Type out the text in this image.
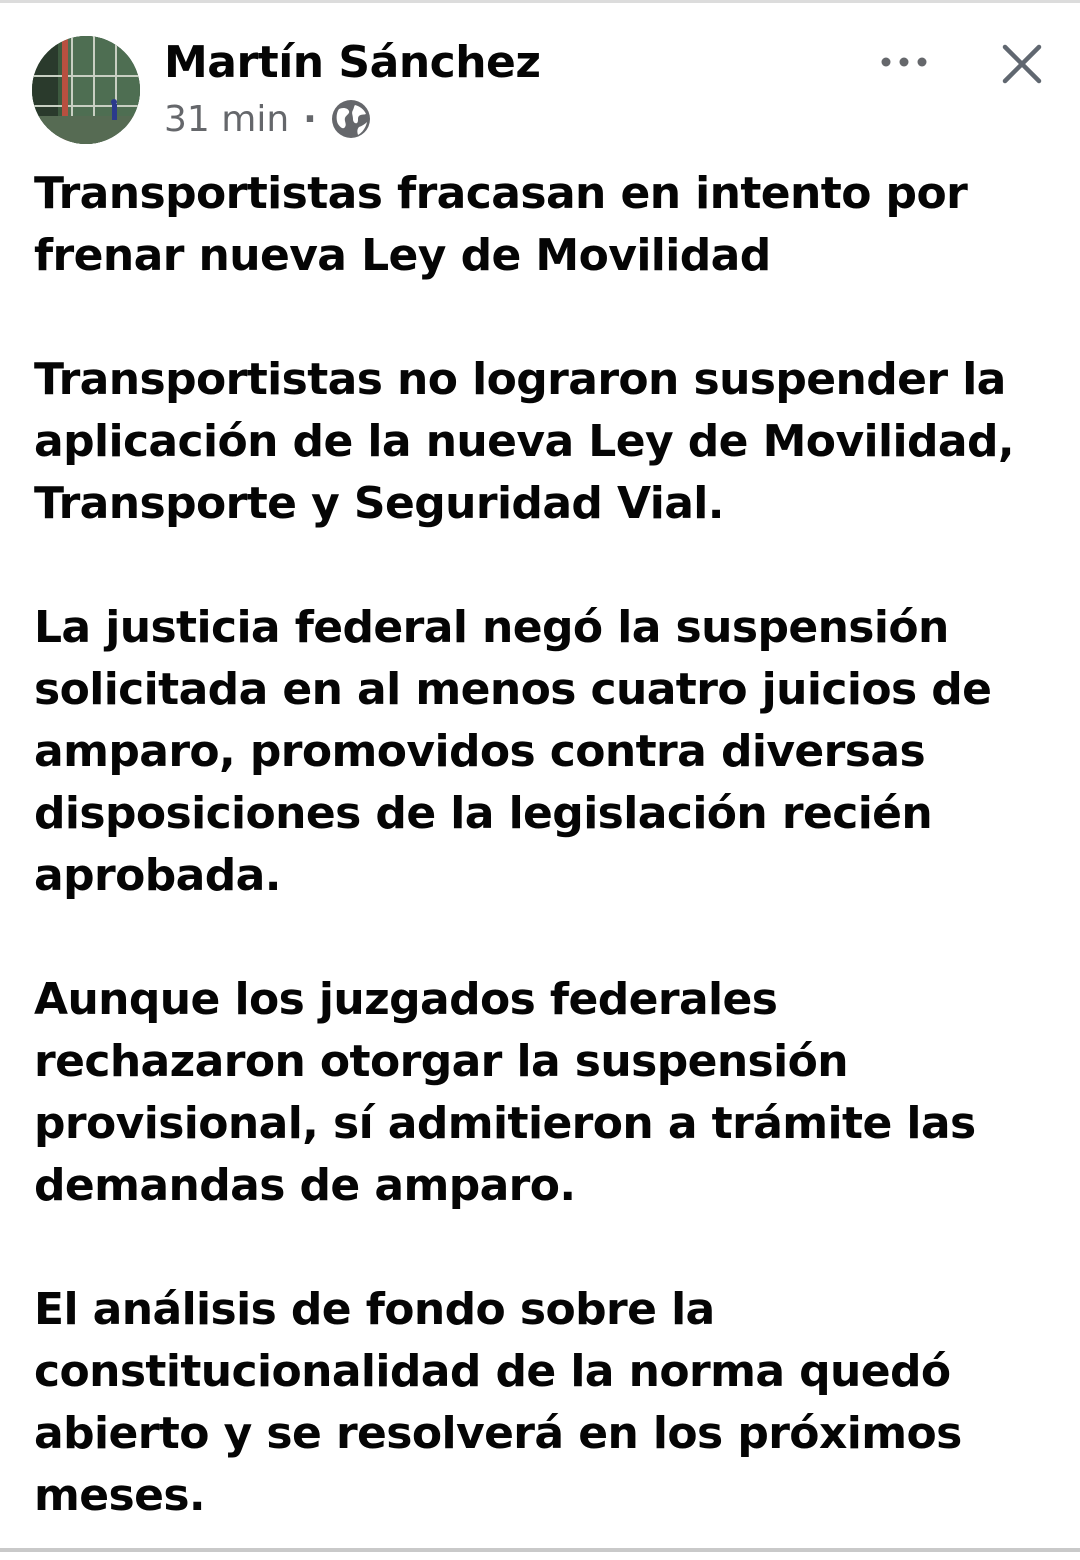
Martín Sánchez
31 min ·

Transportistas fracasan en intento por
frenar nueva Ley de Movilidad

Transportistas no lograron suspender la
aplicación de la nueva Ley de Movilidad,
Transporte y Seguridad Vial.

La justicia federal negó la suspensión
solicitada en al menos cuatro juicios de
amparo, promovidos contra diversas
disposiciones de la legislación recién
aprobada.

Aunque los juzgados federales
rechazaron otorgar la suspensión
provisional, sí admitieron a trámite las
demandas de amparo.

El análisis de fondo sobre la
constitucionalidad de la norma quedó
abierto y se resolverá en los próximos
meses.
